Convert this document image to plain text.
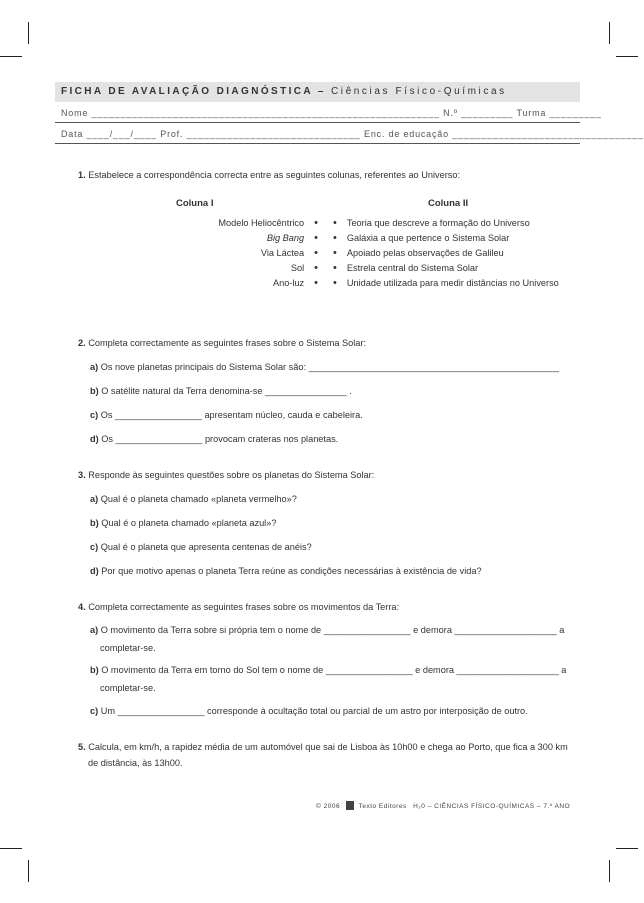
FICHA DE AVALIAÇÃO DIAGNÓSTICA – Ciências Físico-Químicas
Nome ____________________________________________________________ N.º _________ Turma _________
Data ____/___/____ Prof. ______________________________ Enc. de educação _________________________________
1. Estabelece a correspondência correcta entre as seguintes colunas, referentes ao Universo:
Coluna I	Coluna II
Modelo Heliocêntrico •
Big Bang •
Via Láctea •
Sol •
Ano-luz •
• Teoria que descreve a formação do Universo
• Galáxia a que pertence o Sistema Solar
• Apoiado pelas observações de Galileu
• Estrela central do Sistema Solar
• Unidade utilizada para medir distâncias no Universo
2. Completa correctamente as seguintes frases sobre o Sistema Solar:
a) Os nove planetas principais do Sistema Solar são: _________________________________________________
b) O satélite natural da Terra denomina-se ________________ .
c) Os _________________ apresentam núcleo, cauda e cabeleira.
d) Os _________________ provocam crateras nos planetas.
3. Responde às seguintes questões sobre os planetas do Sistema Solar:
a) Qual é o planeta chamado «planeta vermelho»?
b) Qual é o planeta chamado «planeta azul»?
c) Qual é o planeta que apresenta centenas de anéis?
d) Por que motivo apenas o planeta Terra reúne as condições necessárias à existência de vida?
4. Completa correctamente as seguintes frases sobre os movimentos da Terra:
a) O movimento da Terra sobre si própria tem o nome de _________________ e demora ____________________ a
completar-se.
b) O movimento da Terra em torno do Sol tem o nome de _________________ e demora ____________________ a
completar-se.
c) Um _________________ corresponde à ocultação total ou parcial de um astro por interposição de outro.
5. Calcula, em km/h, a rapidez média de um automóvel que sai de Lisboa às 10h00 e chega ao Porto, que fica a 300 km
de distância, às 13h00.
© 2006	Texto Editores H₂0 – CIÊNCIAS FÍSICO-QUÍMICAS – 7.º ANO
